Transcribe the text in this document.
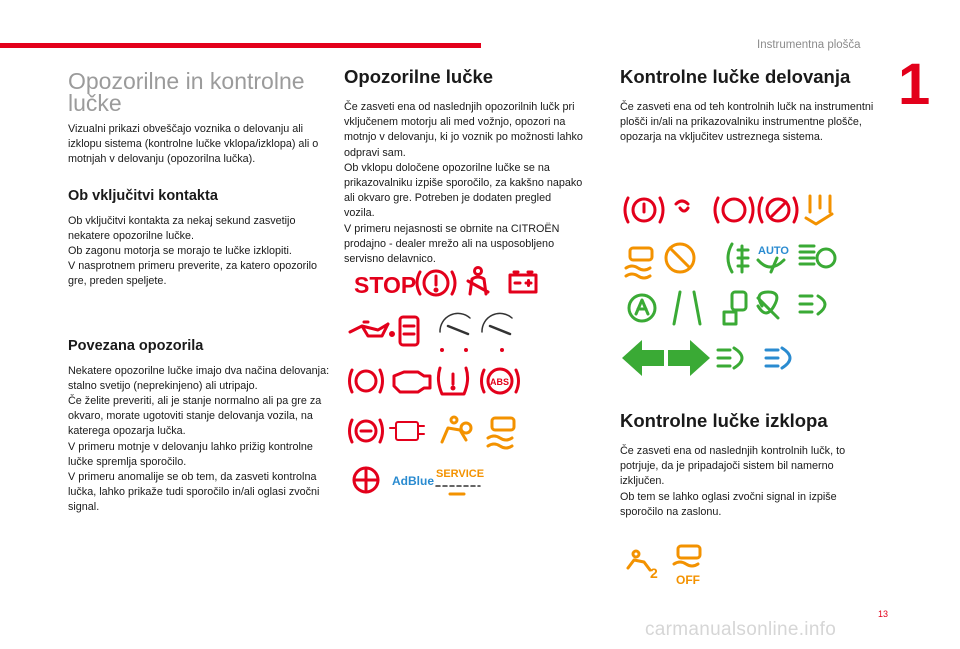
Instrumentna plošča
1
Opozorilne in kontrolne lučke

Vizualni prikazi obveščajo voznika o delovanju ali izklopu sistema (kontrolne lučke vklopa/izklopa) ali o motnjah v delovanju (opozorilna lučka).

Ob vključitvi kontakta

Ob vključitvi kontakta za nekaj sekund zasvetijo nekatere opozorilne lučke.
Ob zagonu motorja se morajo te lučke izklopiti.
V nasprotnem primeru preverite, za katero opozorilo gre, preden speljete.

Povezana opozorila

Nekatere opozorilne lučke imajo dva načina delovanja: stalno svetijo (neprekinjeno) ali utripajo.
Če želite preveriti, ali je stanje normalno ali pa gre za okvaro, morate ugotoviti stanje delovanja vozila, na katerega opozarja lučka.
V primeru motnje v delovanju lahko prižig kontrolne lučke spremlja sporočilo.
V primeru anomalije se ob tem, da zasveti kontrolna lučka, lahko prikaže tudi sporočilo in/ali oglasi zvočni signal.

Opozorilne lučke

Če zasveti ena od naslednjih opozorilnih lučk pri vključenem motorju ali med vožnjo, opozori na motnjo v delovanju, ki jo voznik po možnosti lahko odpravi sam.
Ob vklopu določene opozorilne lučke se na prikazovalniku izpiše sporočilo, za kakšno napako ali okvaro gre. Potreben je dodaten pregled vozila.
V primeru nejasnosti se obrnite na CITROËN prodajno - dealer mrežo ali na usposobljeno servisno delavnico.

STOP
ABS
AdBlue SERVICE
Kontrolne lučke delovanja

Če zasveti ena od teh kontrolnih lučk na instrumentni plošči in/ali na prikazovalniku instrumentne plošče, opozarja na vključitev ustreznega sistema.

AUTO
Kontrolne lučke izklopa

Če zasveti ena od naslednjih kontrolnih lučk, to potrjuje, da je pripadajoči sistem bil namerno izključen.
Ob tem se lahko oglasi zvočni signal in izpiše sporočilo na zaslonu.

2 OFF
13
carmanualsonline.info
